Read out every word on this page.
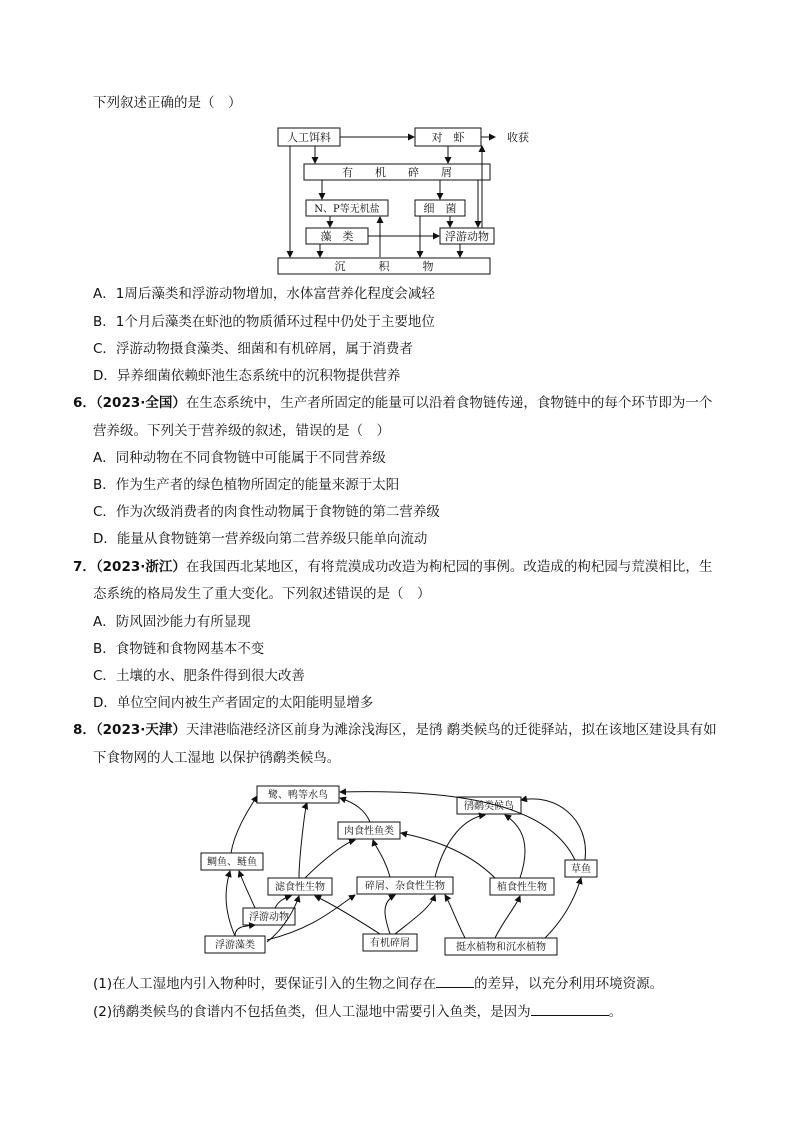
下列叙述正确的是（　）
人工饵料	对　虾	收获
有　　机　　碎　　屑
N、P等无机盐	细　菌
藻　类	浮游动物
沉　　　积　　　物
A．1周后藻类和浮游动物增加，水体富营养化程度会减轻
B．1个月后藻类在虾池的物质循环过程中仍处于主要地位
C．浮游动物摄食藻类、细菌和有机碎屑，属于消费者
D．异养细菌依赖虾池生态系统中的沉积物提供营养
6．（2023·全国）在生态系统中，生产者所固定的能量可以沿着食物链传递，食物链中的每个环节即为一个
营养级。下列关于营养级的叙述，错误的是（　）
A．同种动物在不同食物链中可能属于不同营养级
B．作为生产者的绿色植物所固定的能量来源于太阳
C．作为次级消费者的肉食性动物属于食物链的第二营养级
D．能量从食物链第一营养级向第二营养级只能单向流动
7．（2023·浙江）在我国西北某地区，有将荒漠成功改造为枸杞园的事例。改造成的枸杞园与荒漠相比，生
态系统的格局发生了重大变化。下列叙述错误的是（　）
A．防风固沙能力有所显现
B．食物链和食物网基本不变
C．土壤的水、肥条件得到很大改善
D．单位空间内被生产者固定的太阳能明显增多
8．（2023·天津）天津港临港经济区前身为滩涂浅海区，是鸻 鹬类候鸟的迁徙驿站，拟在该地区建设具有如
下食物网的人工湿地 以保护鸻鹬类候鸟。
鹭、鸭等水鸟
鸻鹬类候鸟
肉食性鱼类
鲷鱼、鲢鱼
滤食性生物	碎屑、杂食性生物	植食性生物
草鱼
浮游动物
浮游藻类	有机碎屑	挺水植物和沉水植物
(1)在人工湿地内引入物种时，要保证引入的生物之间存在	的差异，以充分利用环境资源。
(2)鸻鹬类候鸟的食谱内不包括鱼类，但人工湿地中需要引入鱼类，是因为	。
